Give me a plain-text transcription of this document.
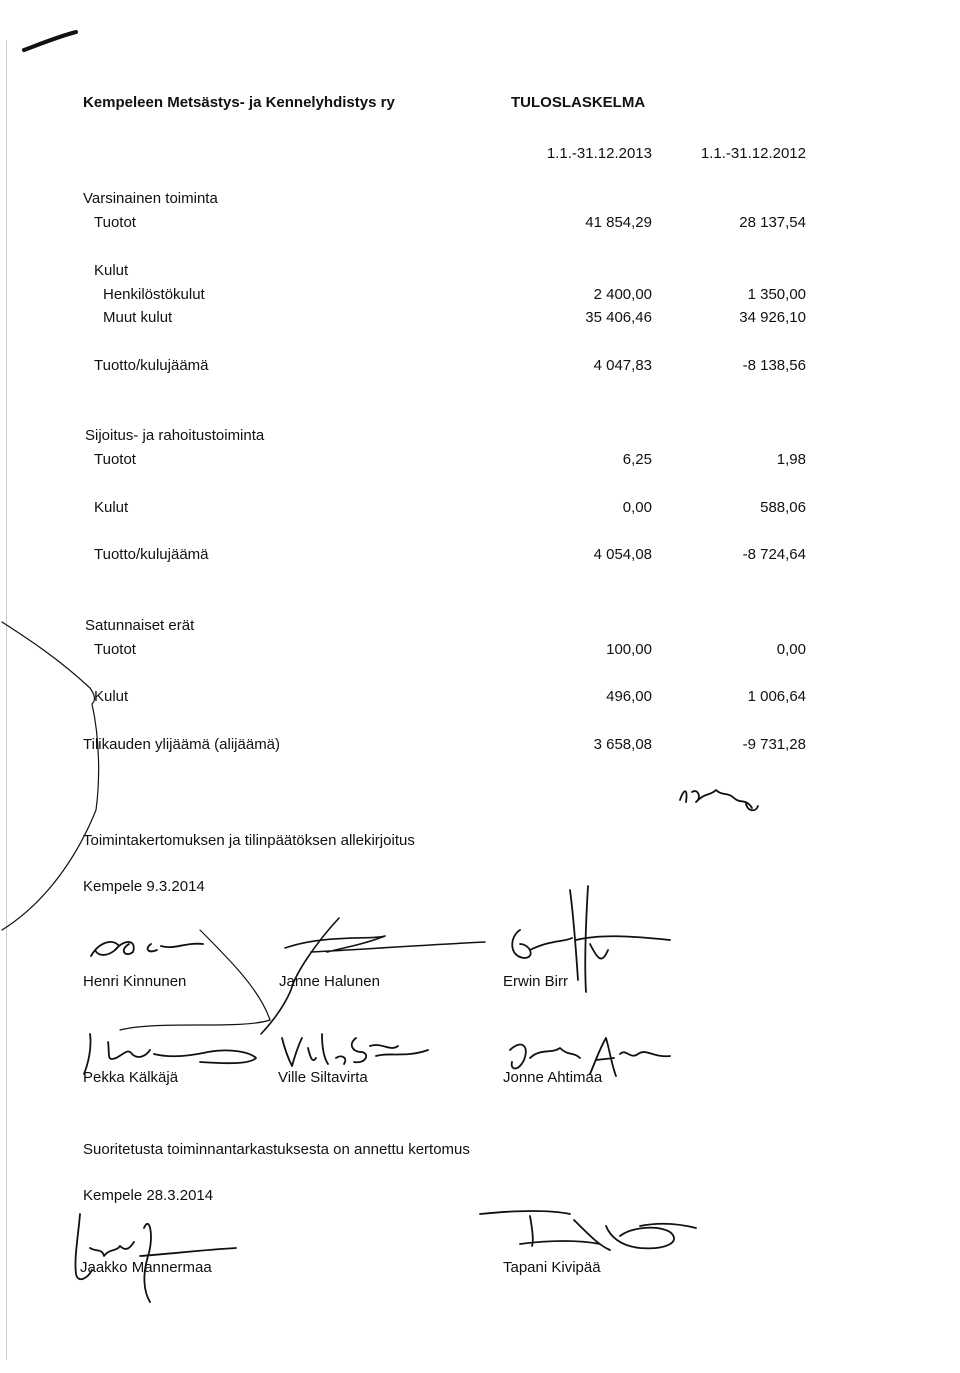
Kempeleen Metsästys- ja Kennelyhdistys ry	TULOSLASKELMA
1.1.-31.12.2013	1.1.-31.12.2012
Varsinainen toiminta
Tuotot	41 854,29	28 137,54
Kulut
Henkilöstökulut	2 400,00	1 350,00
Muut kulut	35 406,46	34 926,10
Tuotto/kulujäämä	4 047,83	-8 138,56
Sijoitus- ja rahoitustoiminta
Tuotot	6,25	1,98
Kulut	0,00	588,06
Tuotto/kulujäämä	4 054,08	-8 724,64
Satunnaiset erät
Tuotot	100,00	0,00
Kulut	496,00	1 006,64
Tilikauden ylijäämä (alijäämä)	3 658,08	-9 731,28
Toimintakertomuksen ja tilinpäätöksen allekirjoitus
Kempele 9.3.2014
Henri Kinnunen	Janne Halunen	Erwin Birr
Pekka Kälkäjä	Ville Siltavirta	Jonne Ahtimaa
Suoritetusta toiminnantarkastuksesta on annettu kertomus
Kempele 28.3.2014
Jaakko Mannermaa	Tapani Kivipää
